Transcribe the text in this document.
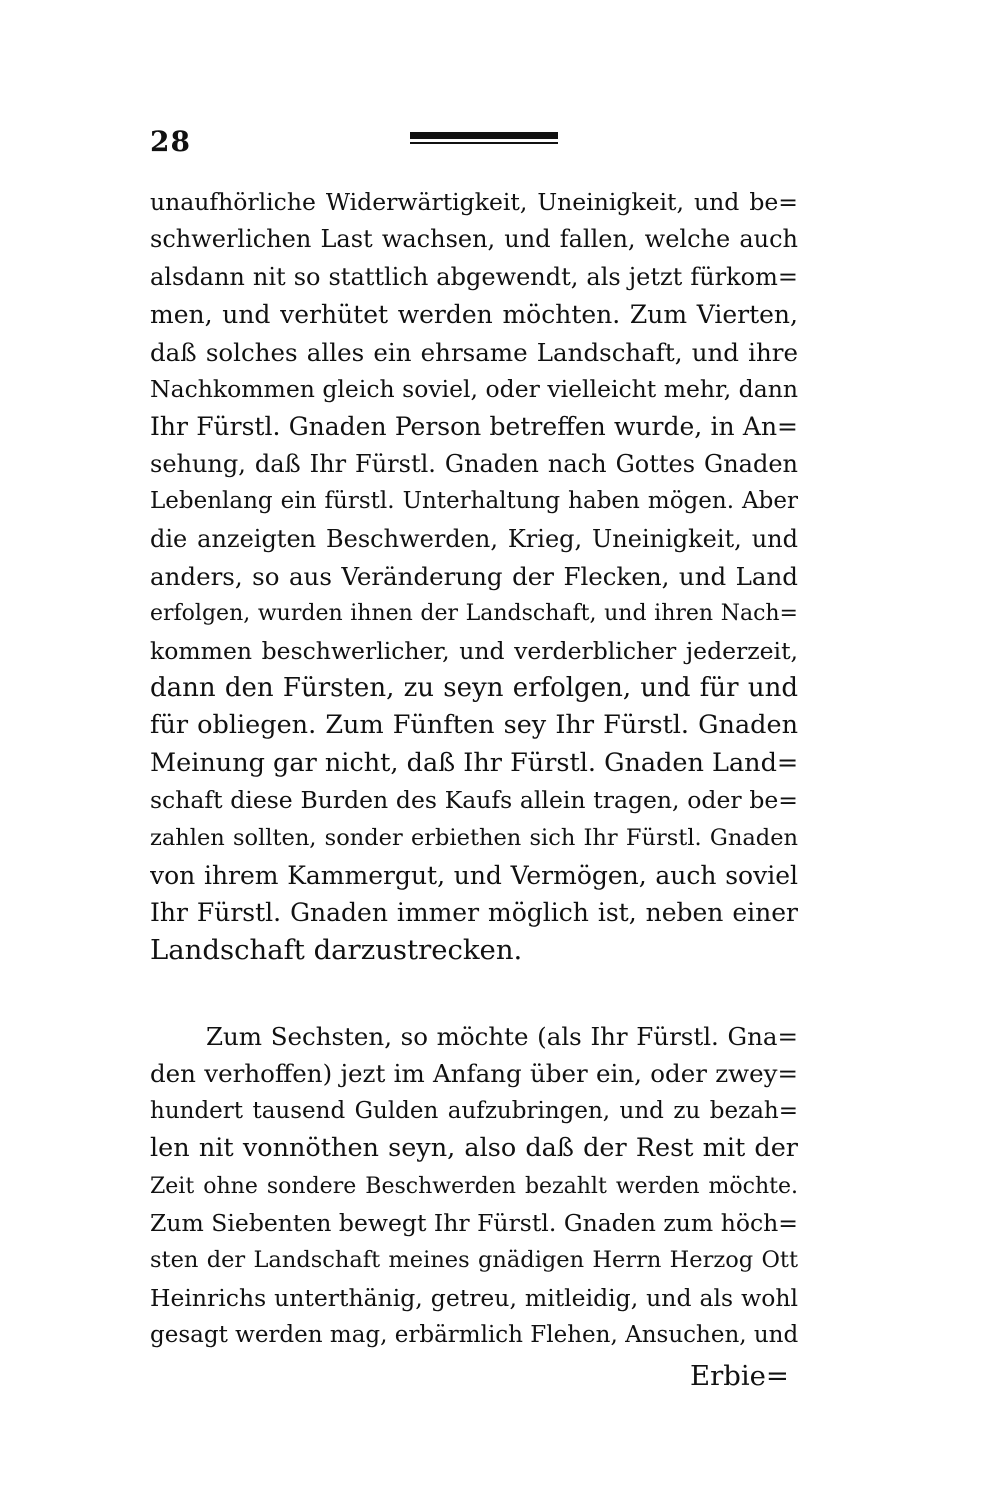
28
unaufhörliche Widerwärtigkeit, Uneinigkeit, und be=
schwerlichen Last wachsen, und fallen, welche auch
alsdann nit so stattlich abgewendt, als jetzt fürkom=
men, und verhütet werden möchten. Zum Vierten,
daß solches alles ein ehrsame Landschaft, und ihre
Nachkommen gleich soviel, oder vielleicht mehr, dann
Ihr Fürstl. Gnaden Person betreffen wurde, in An=
sehung, daß Ihr Fürstl. Gnaden nach Gottes Gnaden
Lebenlang ein fürstl. Unterhaltung haben mögen. Aber
die anzeigten Beschwerden, Krieg, Uneinigkeit, und
anders, so aus Veränderung der Flecken, und Land
erfolgen, wurden ihnen der Landschaft, und ihren Nach=
kommen beschwerlicher, und verderblicher jederzeit,
dann den Fürsten, zu seyn erfolgen, und für und
für obliegen. Zum Fünften sey Ihr Fürstl. Gnaden
Meinung gar nicht, daß Ihr Fürstl. Gnaden Land=
schaft diese Burden des Kaufs allein tragen, oder be=
zahlen sollten, sonder erbiethen sich Ihr Fürstl. Gnaden
von ihrem Kammergut, und Vermögen, auch soviel
Ihr Fürstl. Gnaden immer möglich ist, neben einer
Landschaft darzustrecken.
Zum Sechsten, so möchte (als Ihr Fürstl. Gna=
den verhoffen) jezt im Anfang über ein, oder zwey=
hundert tausend Gulden aufzubringen, und zu bezah=
len nit vonnöthen seyn, also daß der Rest mit der
Zeit ohne sondere Beschwerden bezahlt werden möchte.
Zum Siebenten bewegt Ihr Fürstl. Gnaden zum höch=
sten der Landschaft meines gnädigen Herrn Herzog Ott
Heinrichs unterthänig, getreu, mitleidig, und als wohl
gesagt werden mag, erbärmlich Flehen, Ansuchen, und
Erbie=
